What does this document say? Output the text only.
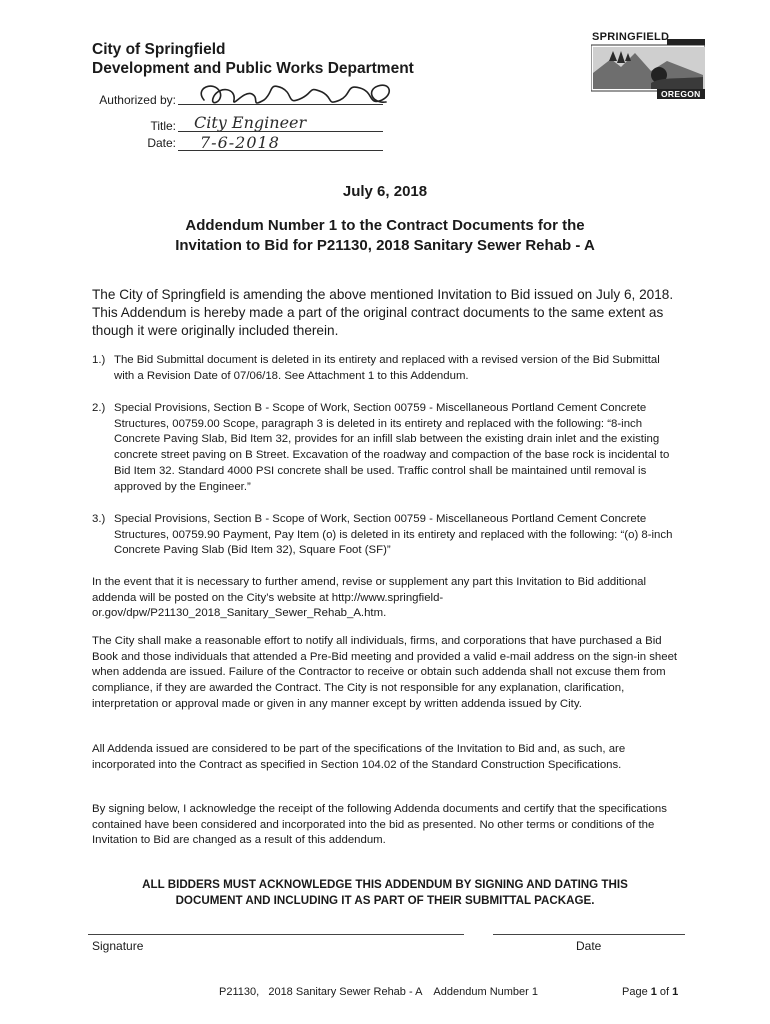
City of Springfield
Development and Public Works Department
Authorized by:
Title: City Engineer
Date: 7-6-2018
SPRINGFIELD
OREGON
July 6, 2018
Addendum Number 1 to the Contract Documents for the
Invitation to Bid for P21130, 2018 Sanitary Sewer Rehab - A
The City of Springfield is amending the above mentioned Invitation to Bid issued on July 6, 2018. This Addendum is hereby made a part of the original contract documents to the same extent as though it were originally included therein.
1.) The Bid Submittal document is deleted in its entirety and replaced with a revised version of the Bid Submittal with a Revision Date of 07/06/18. See Attachment 1 to this Addendum.
2.) Special Provisions, Section B - Scope of Work, Section 00759 - Miscellaneous Portland Cement Concrete Structures, 00759.00 Scope, paragraph 3 is deleted in its entirety and replaced with the following: “8-inch Concrete Paving Slab, Bid Item 32, provides for an infill slab between the existing drain inlet and the existing concrete street paving on B Street. Excavation of the roadway and compaction of the base rock is incidental to Bid Item 32. Standard 4000 PSI concrete shall be used. Traffic control shall be maintained until removal is approved by the Engineer.”
3.) Special Provisions, Section B - Scope of Work, Section 00759 - Miscellaneous Portland Cement Concrete Structures, 00759.90 Payment, Pay Item (o) is deleted in its entirety and replaced with the following: “(o) 8-inch Concrete Paving Slab (Bid Item 32), Square Foot (SF)”
In the event that it is necessary to further amend, revise or supplement any part this Invitation to Bid additional addenda will be posted on the City’s website at http://www.springfield-or.gov/dpw/P21130_2018_Sanitary_Sewer_Rehab_A.htm.
The City shall make a reasonable effort to notify all individuals, firms, and corporations that have purchased a Bid Book and those individuals that attended a Pre-Bid meeting and provided a valid e-mail address on the sign-in sheet when addenda are issued. Failure of the Contractor to receive or obtain such addenda shall not excuse them from compliance, if they are awarded the Contract. The City is not responsible for any explanation, clarification, interpretation or approval made or given in any manner except by written addenda issued by City.
All Addenda issued are considered to be part of the specifications of the Invitation to Bid and, as such, are incorporated into the Contract as specified in Section 104.02 of the Standard Construction Specifications.
By signing below, I acknowledge the receipt of the following Addenda documents and certify that the specifications contained have been considered and incorporated into the bid as presented. No other terms or conditions of the Invitation to Bid are changed as a result of this addendum.
ALL BIDDERS MUST ACKNOWLEDGE THIS ADDENDUM BY SIGNING AND DATING THIS
DOCUMENT AND INCLUDING IT AS PART OF THEIR SUBMITTAL PACKAGE.
Signature	Date
P21130,   2018 Sanitary Sewer Rehab - A    Addendum Number 1	Page 1 of 1
